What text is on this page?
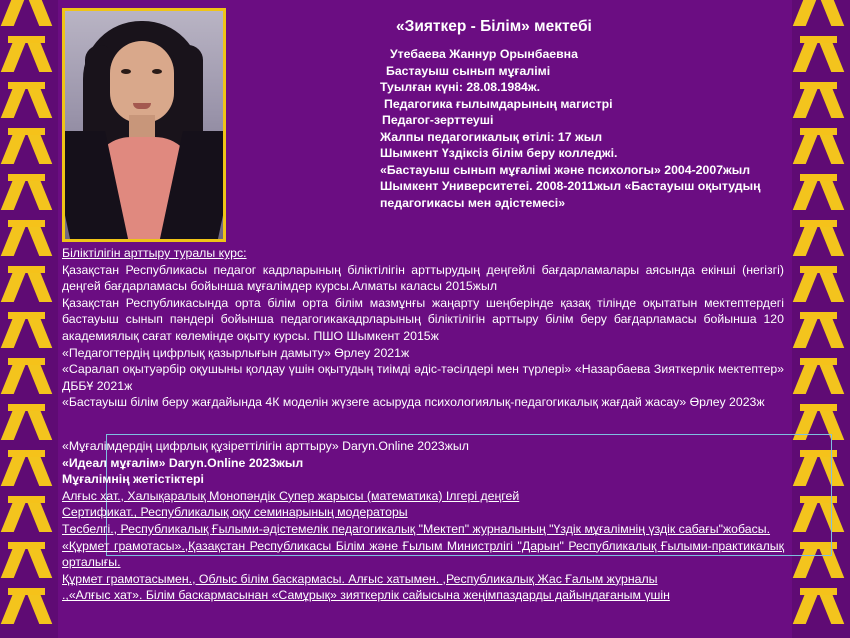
«Зияткер - Білім» мектебі
Утебаева Жаннур Орынбаевна
Бастауыш сынып мұғалімі
Туылған күні: 28.08.1984ж.
Педагогика ғылымдарының магистрі
Педагог-зерттеуші
Жалпы педагогикалық өтілі: 17 жыл
Шымкент Үздіксіз білім беру колледжі.
«Бастауыш сынып мұғалімі және психологы» 2004-2007жыл
Шымкент Университетеі. 2008-2011жыл «Бастауыш оқытудың
педагогикасы мен әдістемесі»

Біліктілігін арттыру туралы курс:

Қазақстан Республикасы педагог кадрларының біліктілігін арттырудың деңгейлі бағдарламалары аясында екінші (негізгі) деңгей бағдарламасы бойынша мұғалімдер курсы.Алматы каласы 2015жыл

Қазақстан Республикасында орта білім орта білім мазмұнғы жаңарту шеңберінде қазақ тілінде оқытатын мектептердегі бастауыш сынып пәндері бойынша педагогикакадрларының біліктілігін арттыру білім беру бағдарламасы бойынша 120 академиялық сағат көлемінде оқыту курсы. ПШО Шымкент 2015ж

«Педагогтердің цифрлық қазырлығын дамыту» Өрлеу 2021ж

«Саралап оқытуәрбір оқушыны қолдау үшін оқытудың тиімді әдіс-тәсілдері мен түрлері» «Назарбаева Зияткерлік мектептер» ДББҰ 2021ж

«Бастауыш білім беру жағдайында 4К моделін жүзеге асыруда психологиялық-педагогикалық жағдай жасау» Өрлеу 2023ж

«Мұғалімдердің цифрлық құзіреттілігін арттыру» Daryn.Online 2023жыл

«Идеал мұғалім» Daryn.Online 2023жыл

Мұғалімнің жетістіктері

Алғыс хат., Халықаралық Монопәндік Супер жарысы (математика) Ілгері деңгей

Сертификат., Республикалық оқу семинарының модераторы

Төсбелгі., Республикалық Ғылыми-әдістемелік педагогикалық "Мектеп" журналының "Үздік мұғалімнің үздік сабағы"жобасы.

«Құрмет грамотасы».,Қазақстан Республикасы Білім және Ғылым Министрлігі "Дарын" Республикалық Ғылыми-практикалық орталығы.

Құрмет грамотасымен., Облыс білім баскармасы. Алғыс хатымен. ,Республикалық Жас Ғалым журналы

.,«Алғыс хат». Білім баскармасынан «Самұрық» зияткерлік сайысына жеңімпаздарды дайындағаным үшін
